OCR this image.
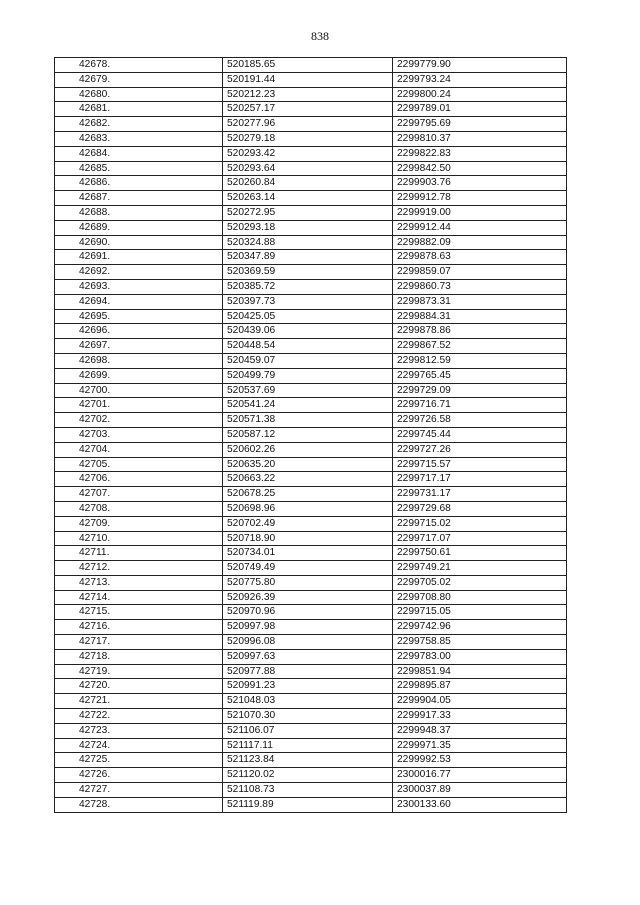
838
42678.	520185.65	2299779.90
42679.	520191.44	2299793.24
42680.	520212.23	2299800.24
42681.	520257.17	2299789.01
42682.	520277.96	2299795.69
42683.	520279.18	2299810.37
42684.	520293.42	2299822.83
42685.	520293.64	2299842.50
42686.	520260.84	2299903.76
42687.	520263.14	2299912.78
42688.	520272.95	2299919.00
42689.	520293.18	2299912.44
42690.	520324.88	2299882.09
42691.	520347.89	2299878.63
42692.	520369.59	2299859.07
42693.	520385.72	2299860.73
42694.	520397.73	2299873.31
42695.	520425.05	2299884.31
42696.	520439.06	2299878.86
42697.	520448.54	2299867.52
42698.	520459.07	2299812.59
42699.	520499.79	2299765.45
42700.	520537.69	2299729.09
42701.	520541.24	2299716.71
42702.	520571.38	2299726.58
42703.	520587.12	2299745.44
42704.	520602.26	2299727.26
42705.	520635.20	2299715.57
42706.	520663.22	2299717.17
42707.	520678.25	2299731.17
42708.	520698.96	2299729.68
42709.	520702.49	2299715.02
42710.	520718.90	2299717.07
42711.	520734.01	2299750.61
42712.	520749.49	2299749.21
42713.	520775.80	2299705.02
42714.	520926.39	2299708.80
42715.	520970.96	2299715.05
42716.	520997.98	2299742.96
42717.	520996.08	2299758.85
42718.	520997.63	2299783.00
42719.	520977.88	2299851.94
42720.	520991.23	2299895.87
42721.	521048.03	2299904.05
42722.	521070.30	2299917.33
42723.	521106.07	2299948.37
42724.	521117.11	2299971.35
42725.	521123.84	2299992.53
42726.	521120.02	2300016.77
42727.	521108.73	2300037.89
42728.	521119.89	2300133.60
